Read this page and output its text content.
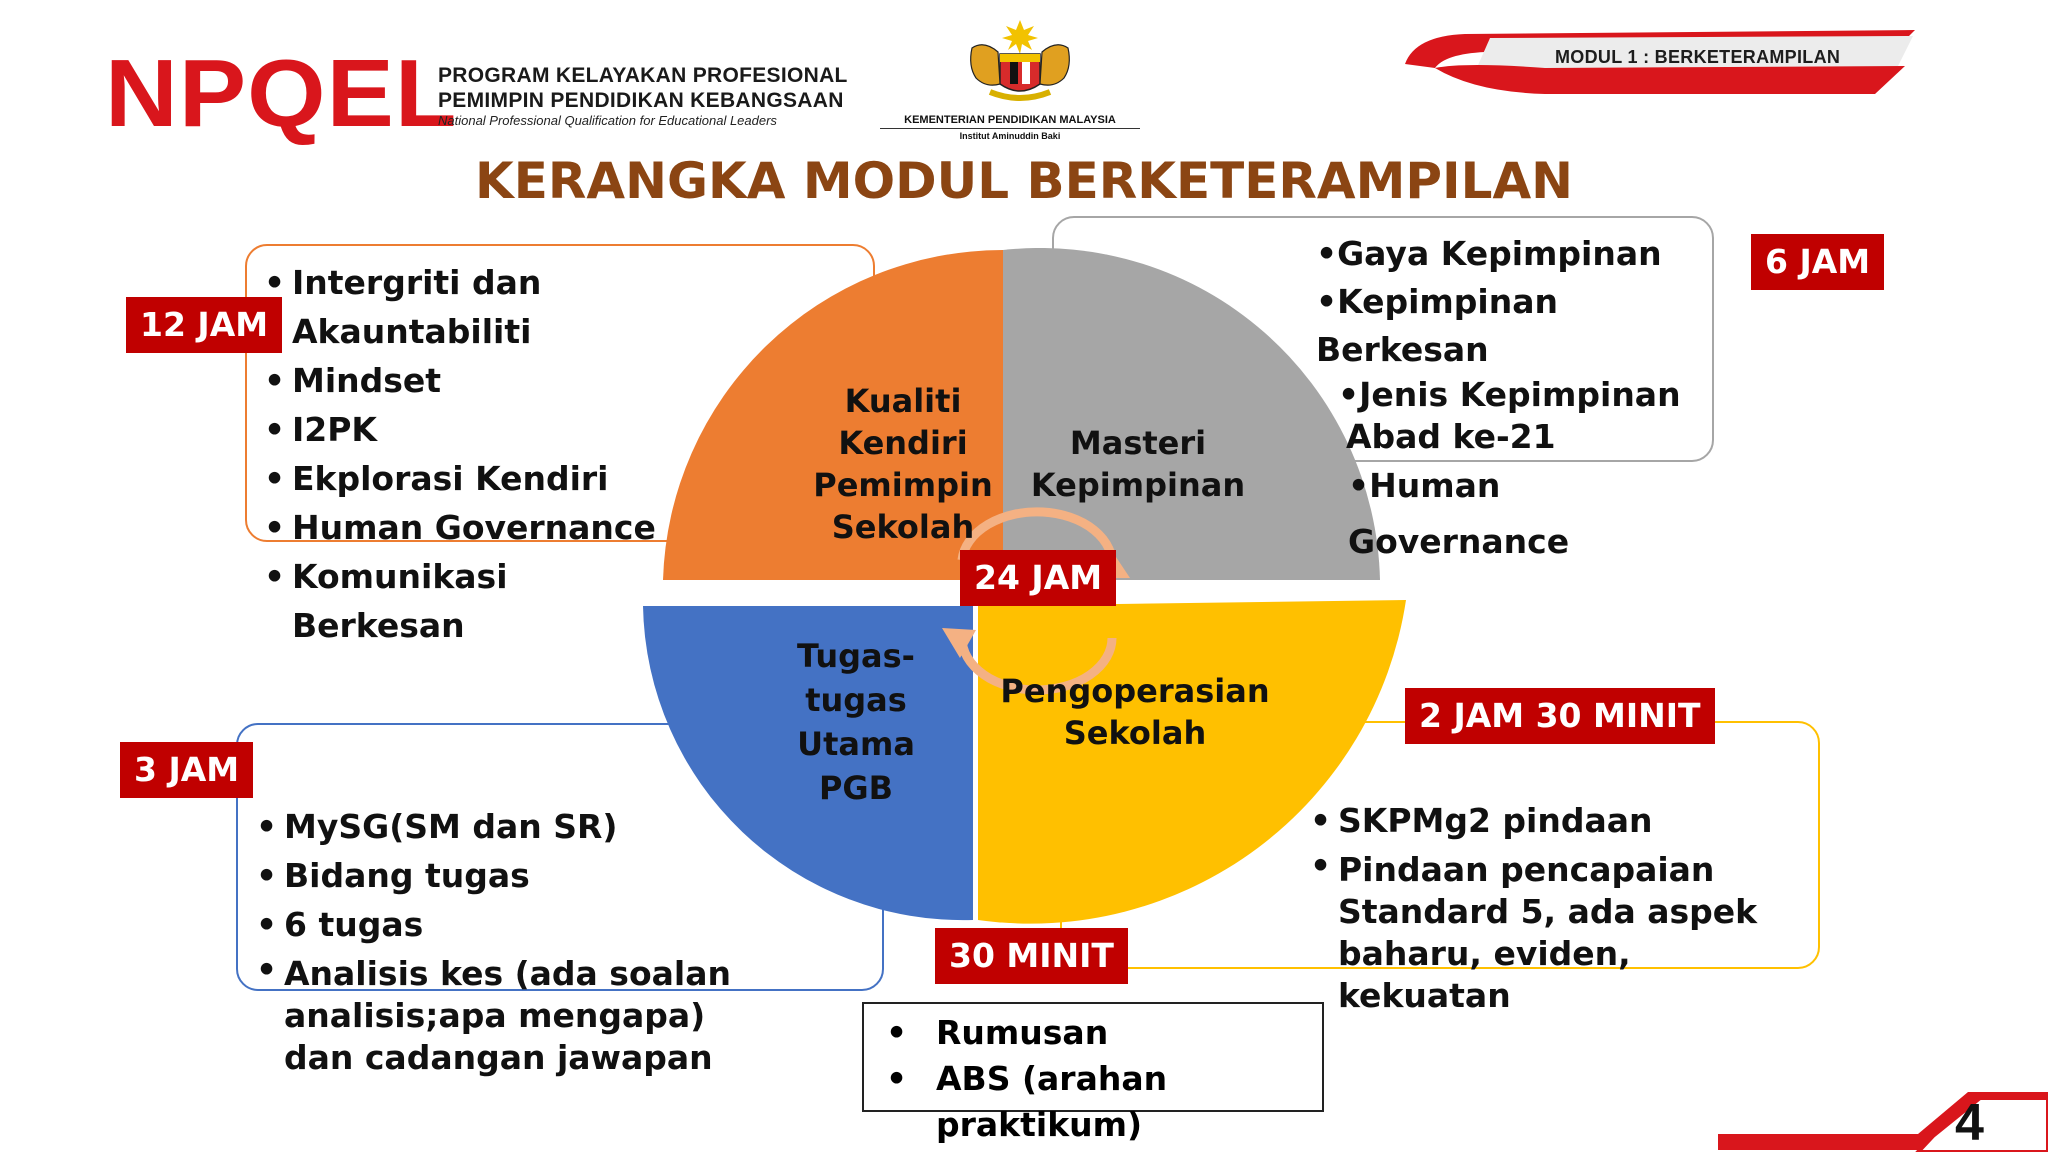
NPQEL
PROGRAM KELAYAKAN PROFESIONAL
PEMIMPIN PENDIDIKAN KEBANGSAAN
National Professional Qualification for Educational Leaders	KEMENTERIAN PENDIDIKAN MALAYSIA
Institut Aminuddin Baki
MODUL 1 : BERKETERAMPILAN
KERANGKA MODUL BERKETERAMPILAN
Kualiti
Kendiri
Pemimpin
Sekolah
Masteri
Kepimpinan
Tugas-
tugas
Utama
PGB
Pengoperasian
Sekolah
• Intergriti dan
Akauntabiliti
• Mindset
• I2PK
• Ekplorasi Kendiri
• Human Governance
• Komunikasi Berkesan
•Gaya Kepimpinan
•Kepimpinan Berkesan
•Jenis Kepimpinan
Abad ke-21
•Human Governance
• MySG(SM dan SR)
• Bidang tugas
• 6 tugas
• Analisis kes (ada soalan
analisis;apa mengapa)
dan cadangan jawapan
• SKPMg2 pindaan
• Pindaan pencapaian
Standard 5, ada aspek
baharu, eviden, kekuatan
12 JAM
6 JAM
3 JAM
2 JAM 30 MINIT
24 JAM
30 MINIT
• Rumusan
• ABS (arahan praktikum)	4
